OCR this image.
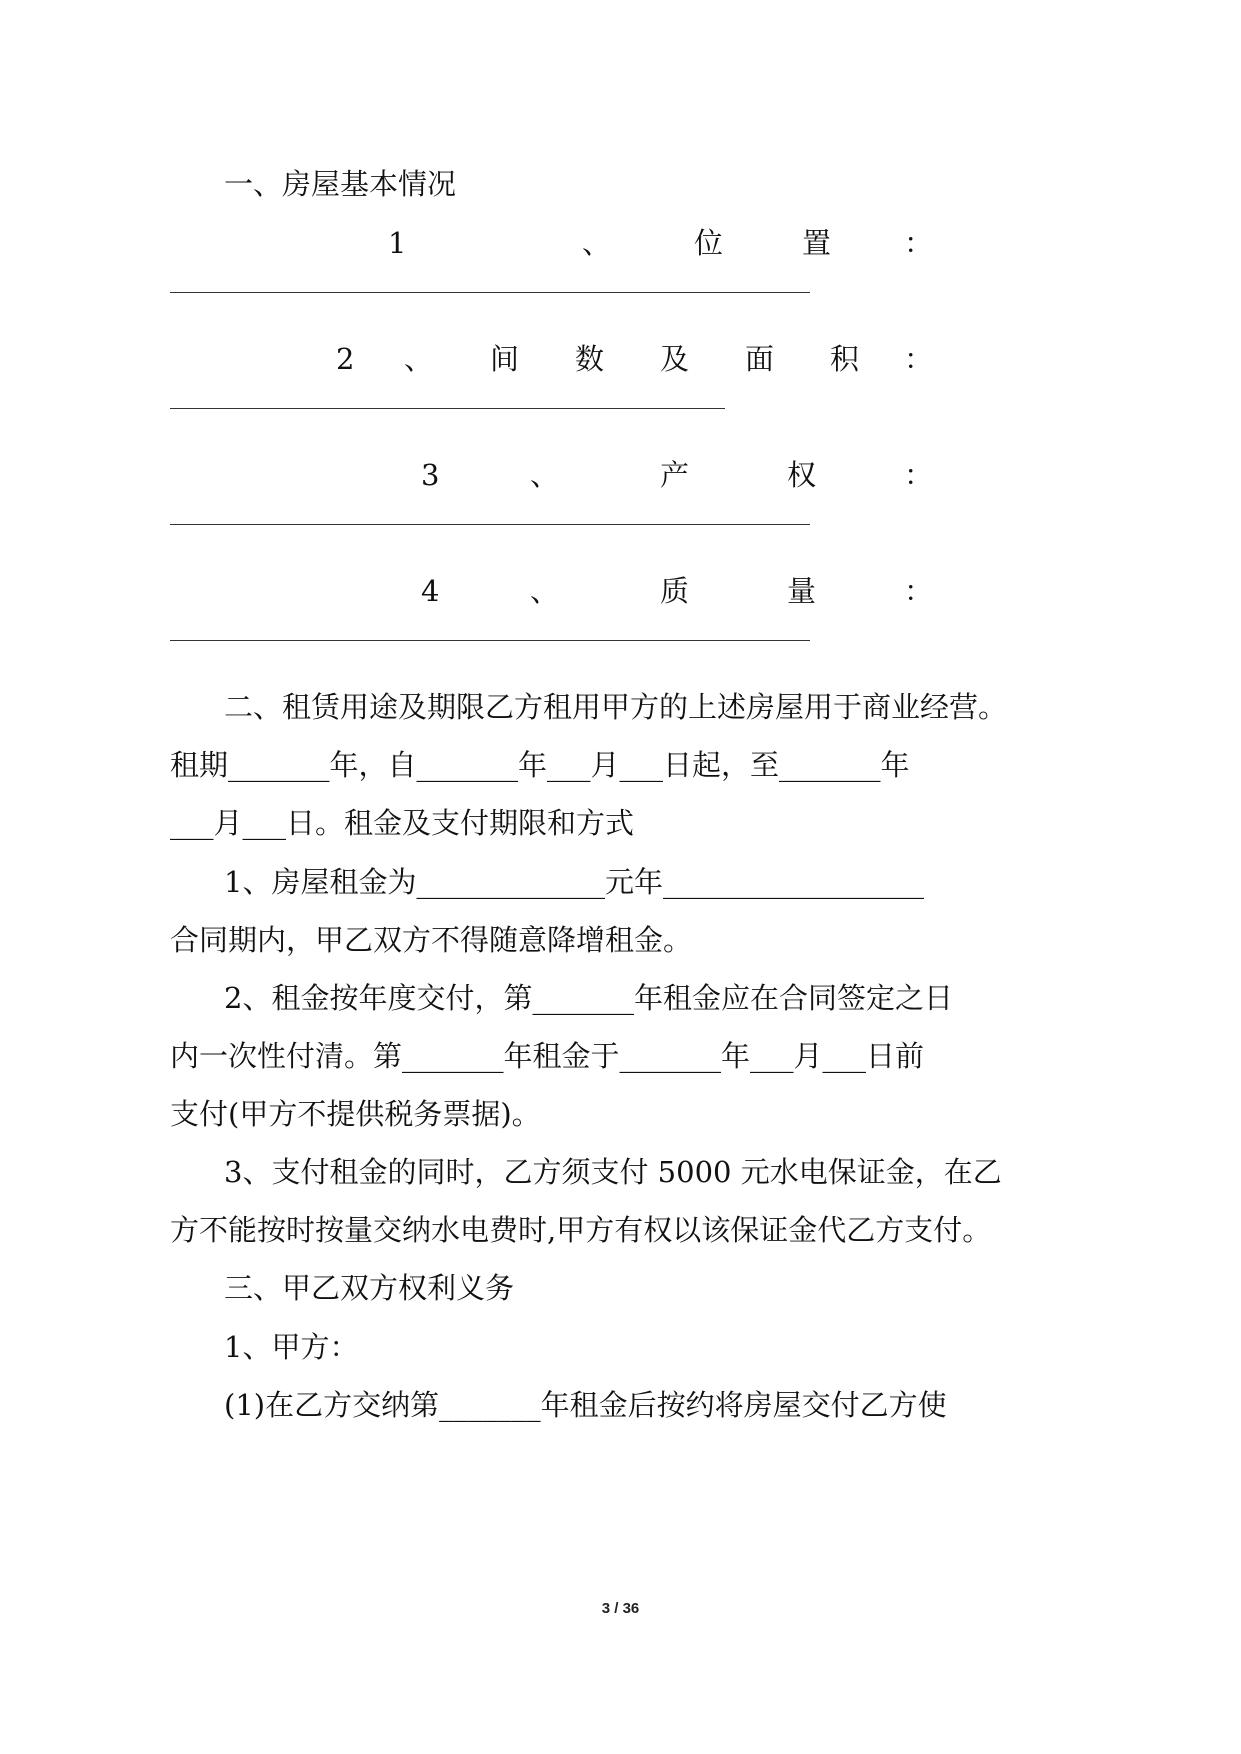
一、房屋基本情况

1

	、

	位

	置

	：

2

、

间

数

及

面

积

：

3

	、

	产

	权

	：

4

	、

	质

	量

	：

二、租赁用途及期限乙方租用甲方的上述房屋用于商业经营。
租期_______年，自_______年___月___日起，至_______年
___月___日。租金及支付期限和方式
1、房屋租金为_____________元年__________________
合同期内，甲乙双方不得随意降增租金。
2、租金按年度交付，第_______年租金应在合同签定之日
内一次性付清。第_______年租金于_______年___月___日前
支付(甲方不提供税务票据)。
3、支付租金的同时，乙方须支付 5000 元水电保证金，在乙
方不能按时按量交纳水电费时,甲方有权以该保证金代乙方支付。
三、甲乙双方权利义务
1、甲方：
(1)在乙方交纳第_______年租金后按约将房屋交付乙方使
3 / 36
